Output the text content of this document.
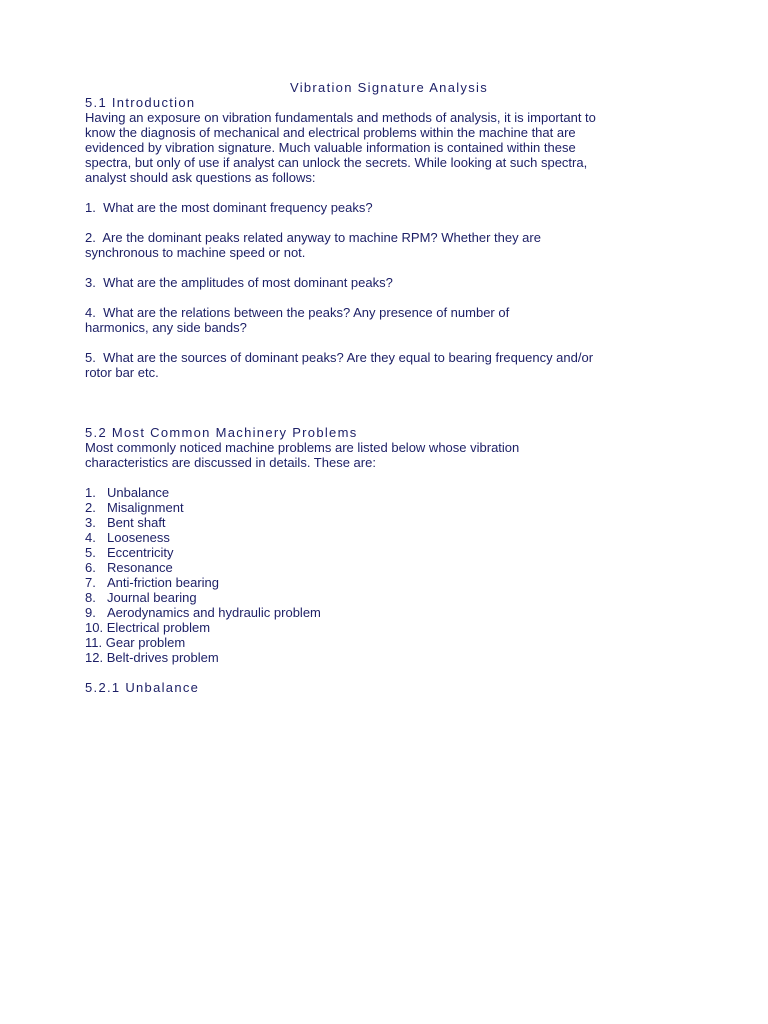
Vibration Signature Analysis
5.1 Introduction
Having an exposure on vibration fundamentals and methods of analysis, it is important to
know the diagnosis of mechanical and electrical problems within the machine that are
evidenced by vibration signature. Much valuable information is contained within these
spectra, but only of use if analyst can unlock the secrets. While looking at such spectra,
analyst should ask questions as follows:
1. What are the most dominant frequency peaks?
2. Are the dominant peaks related anyway to machine RPM? Whether they are
synchronous to machine speed or not.
3. What are the amplitudes of most dominant peaks?
4. What are the relations between the peaks? Any presence of number of
harmonics, any side bands?
5. What are the sources of dominant peaks? Are they equal to bearing frequency and/or
rotor bar etc.
5.2 Most Common Machinery Problems
Most commonly noticed machine problems are listed below whose vibration
characteristics are discussed in details. These are:
1. Unbalance
2. Misalignment
3. Bent shaft
4. Looseness
5. Eccentricity
6. Resonance
7. Anti-friction bearing
8. Journal bearing
9. Aerodynamics and hydraulic problem
10. Electrical problem
11. Gear problem
12. Belt-drives problem
5.2.1 Unbalance
